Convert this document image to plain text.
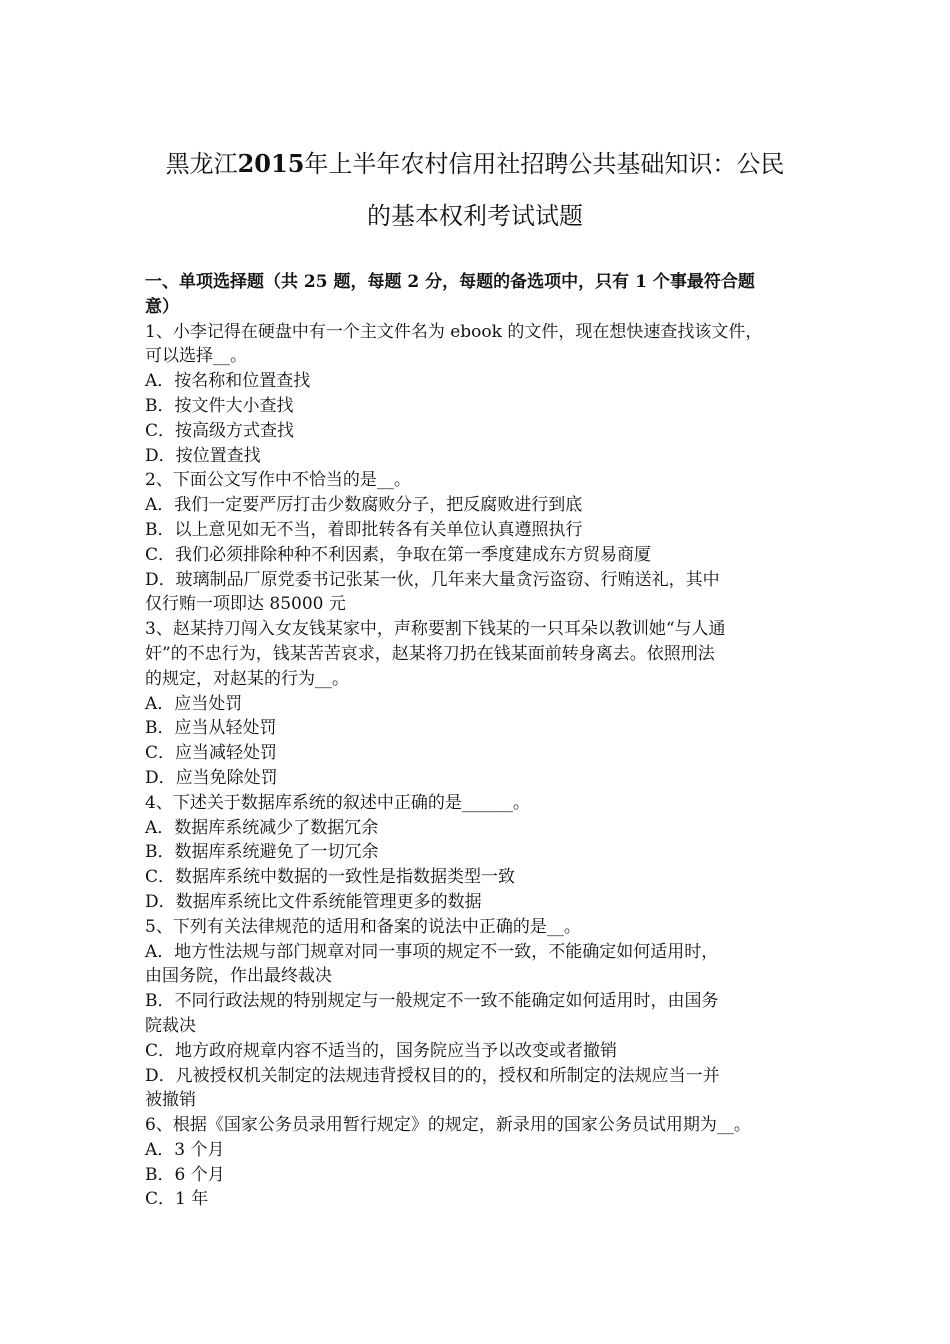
黑龙江2015年上半年农村信用社招聘公共基础知识：公民
的基本权利考试试题

一、单项选择题（共 25 题，每题 2 分，每题的备选项中，只有 1 个事最符合题

意）

1、小李记得在硬盘中有一个主文件名为 ebook 的文件，现在想快速查找该文件，

可以选择__。

A．按名称和位置查找

B．按文件大小查找

C．按高级方式查找

D．按位置查找

2、下面公文写作中不恰当的是__。

A．我们一定要严厉打击少数腐败分子，把反腐败进行到底

B．以上意见如无不当，着即批转各有关单位认真遵照执行

C．我们必须排除种种不利因素，争取在第一季度建成东方贸易商厦

D．玻璃制品厂原党委书记张某一伙，几年来大量贪污盗窃、行贿送礼，其中

仅行贿一项即达 85000 元

3、赵某持刀闯入女友钱某家中，声称要割下钱某的一只耳朵以教训她“与人通

奸”的不忠行为，钱某苦苦哀求，赵某将刀扔在钱某面前转身离去。依照刑法

的规定，对赵某的行为__。

A．应当处罚

B．应当从轻处罚

C．应当减轻处罚

D．应当免除处罚

4、下述关于数据库系统的叙述中正确的是______。

A．数据库系统减少了数据冗余

B．数据库系统避免了一切冗余

C．数据库系统中数据的一致性是指数据类型一致

D．数据库系统比文件系统能管理更多的数据

5、下列有关法律规范的适用和备案的说法中正确的是__。

A．地方性法规与部门规章对同一事项的规定不一致，不能确定如何适用时，

由国务院，作出最终裁决

B．不同行政法规的特别规定与一般规定不一致不能确定如何适用时，由国务

院裁决

C．地方政府规章内容不适当的，国务院应当予以改变或者撤销

D．凡被授权机关制定的法规违背授权目的的，授权和所制定的法规应当一并

被撤销

6、根据《国家公务员录用暂行规定》的规定，新录用的国家公务员试用期为__。

A．3 个月

B．6 个月

C．1 年
